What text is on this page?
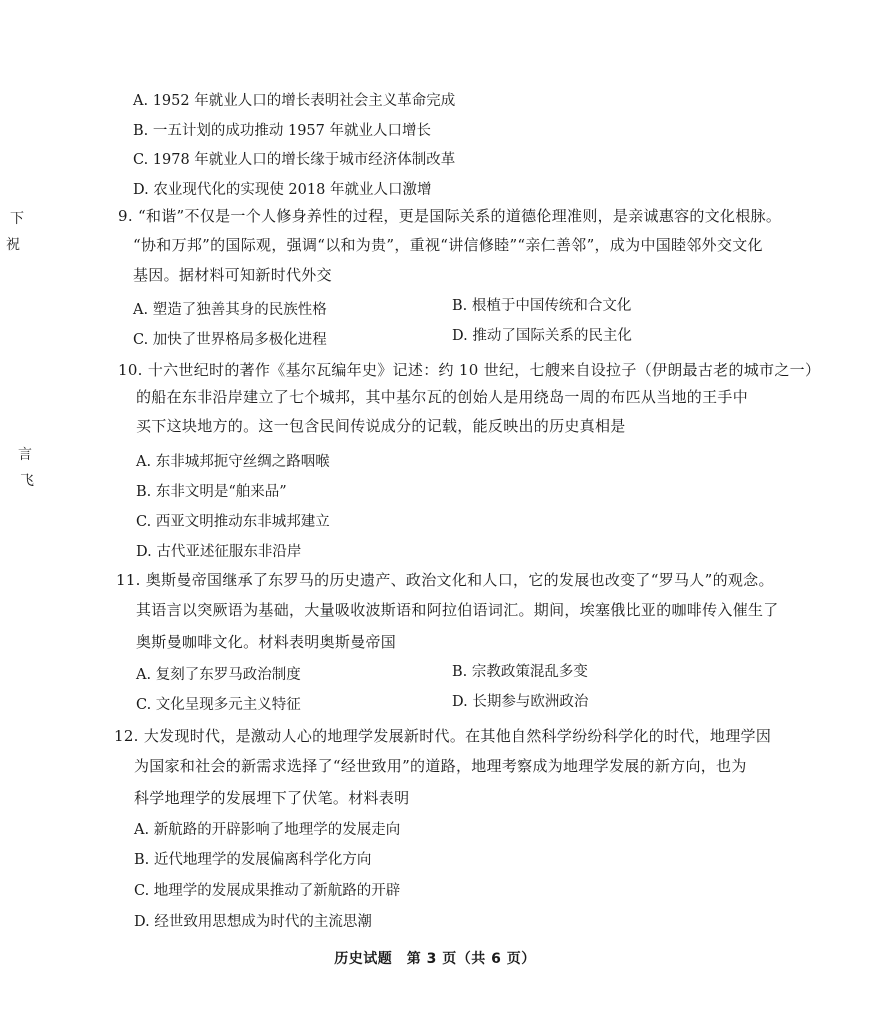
下
祝
言
飞
A. 1952 年就业人口的增长表明社会主义革命完成
B. 一五计划的成功推动 1957 年就业人口增长
C. 1978 年就业人口的增长缘于城市经济体制改革
D. 农业现代化的实现使 2018 年就业人口激增
9. “和谐”不仅是一个人修身养性的过程，更是国际关系的道德伦理准则，是亲诚惠容的文化根脉。
“协和万邦”的国际观，强调“以和为贵”，重视“讲信修睦”“亲仁善邻”，成为中国睦邻外交文化
基因。据材料可知新时代外交
A. 塑造了独善其身的民族性格	B. 根植于中国传统和合文化
C. 加快了世界格局多极化进程	D. 推动了国际关系的民主化
10. 十六世纪时的著作《基尔瓦编年史》记述：约 10 世纪，七艘来自设拉子（伊朗最古老的城市之一）
的船在东非沿岸建立了七个城邦，其中基尔瓦的创始人是用绕岛一周的布匹从当地的王手中
买下这块地方的。这一包含民间传说成分的记载，能反映出的历史真相是
A. 东非城邦扼守丝绸之路咽喉
B. 东非文明是“舶来品”
C. 西亚文明推动东非城邦建立
D. 古代亚述征服东非沿岸
11. 奥斯曼帝国继承了东罗马的历史遗产、政治文化和人口，它的发展也改变了“罗马人”的观念。
其语言以突厥语为基础，大量吸收波斯语和阿拉伯语词汇。期间，埃塞俄比亚的咖啡传入催生了
奥斯曼咖啡文化。材料表明奥斯曼帝国
A. 复刻了东罗马政治制度	B. 宗教政策混乱多变
C. 文化呈现多元主义特征	D. 长期参与欧洲政治
12. 大发现时代，是激动人心的地理学发展新时代。在其他自然科学纷纷科学化的时代，地理学因
为国家和社会的新需求选择了“经世致用”的道路，地理考察成为地理学发展的新方向，也为
科学地理学的发展埋下了伏笔。材料表明
A. 新航路的开辟影响了地理学的发展走向
B. 近代地理学的发展偏离科学化方向
C. 地理学的发展成果推动了新航路的开辟
D. 经世致用思想成为时代的主流思潮
历史试题　第 3 页（共 6 页）
